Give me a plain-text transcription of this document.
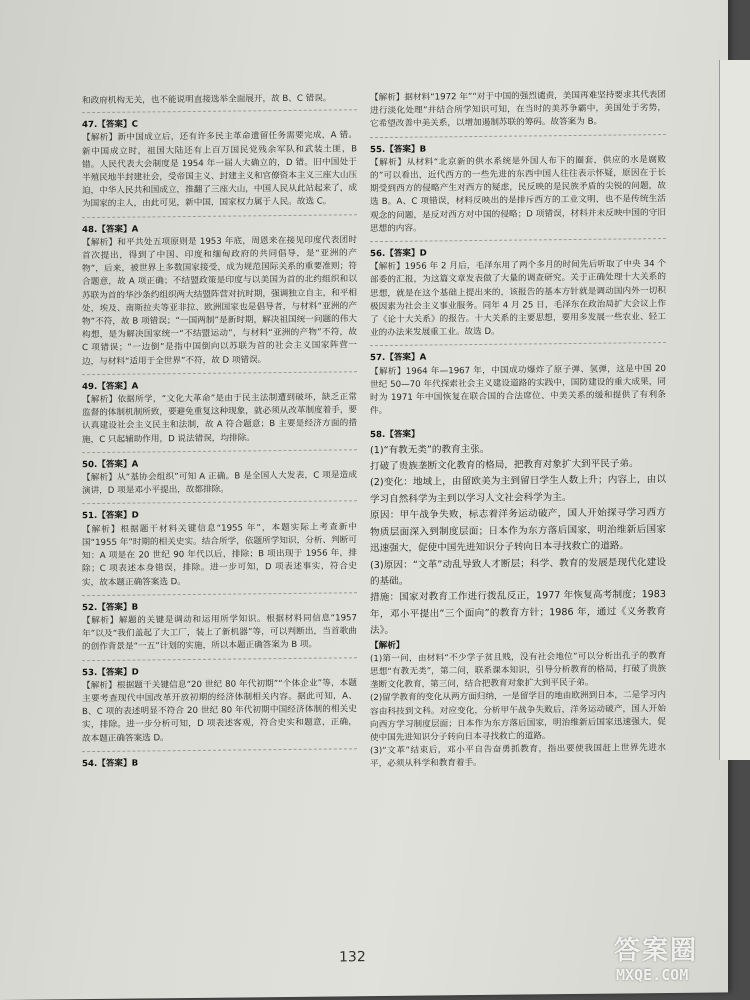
和政府机构无关，也不能说明直接选举全面展开，故 B、C 错误。
47.【答案】C
【解析】新中国成立后，还有许多民主革命遗留任务需要完成，A 错。新中国成立时，祖国大陆还有上百万国民党残余军队和武装土匪，B 错。人民代表大会制度是 1954 年一届人大确立的，D 错。旧中国处于半殖民地半封建社会，受帝国主义、封建主义和官僚资本主义三座大山压迫，中华人民共和国成立，推翻了三座大山，中国人民从此站起来了，成为国家的主人，由此可见，新中国，国家权力属于人民。故选 C。
48.【答案】A
【解析】和平共处五项原则是 1953 年底，周恩来在接见印度代表团时首次提出，得到了中国、印度和缅甸政府的共同倡导，是“亚洲的产物”，后来，被世界上多数国家接受，成为规范国际关系的重要准则；符合题意，故 A 项正确；不结盟政策是印度与以美国为首的北约组织和以苏联为首的华沙条约组织两大结盟阵营对抗时期，强调独立自主，和平相处，埃及、南斯拉夫等亚非拉、欧洲国家也是倡导者，与材料“亚洲的产物”不符，故 B 项错误；“一国两制”是新时期，解决祖国统一问题的伟大构想，是为解决国家统一“不结盟运动”，与材料“亚洲的产物”不符，故 C 项错误；“一边倒”是指中国倒向以苏联为首的社会主义国家阵营一边，与材料“适用于全世界”不符，故 D 项错误。
49.【答案】A
【解析】依据所学，“文化大革命”是由于民主法制遭到破坏，缺乏正常监督的体制机制所致，要避免重复这种现象，就必须从改革制度着手，要认真建设社会主义民主和法制，故 A 符合题意；B 主要是经济方面的措施，C 只起辅助作用，D 说法错误，均排除。
50.【答案】A
【解析】从“基协会组织”可知 A 正确。B 是全国人大发表，C 项是造成演讲，D 项是邓小平提出，故都排除。
51.【答案】D
【解析】根据题干材料关键信息“1955 年”，本题实际上考查新中国“1955 年”时期的相关史实。结合所学，依题所学知识，分析、判断可知：A 项是在 20 世纪 90 年代以后，排除；B 项出现于 1956 年，排除；C 项表述本身错误，排除。进一步可知，D 项表述事实，符合史实，故本题正确答案选 D。
52.【答案】B
【解析】解题的关键是调动和运用所学知识。根据材料同信息“1957 年”以及“我们盖起了大工厂，装上了新机器”等，可以判断出，当首歌曲的创作背景是“一五”计划的实施，所以本题正确答案为 B 项。
53.【答案】D
【解析】根据题干关键信息“20 世纪 80 年代初期”“个体企业”等，本题主要考查现代中国改革开放初期的经济体制相关内容。据此可知，A、B、C 项的表述明显不符合 20 世纪 80 年代初期中国经济体制的相关史实，排除。进一步分析可知，D 项表述客观，符合史实和题意，正确，故本题正确答案选 D。
54.【答案】B
【解析】据材料“1972 年”“对于中国的强烈谴责，美国再难坚持要求其代表团进行淡化处理”并结合所学知识可知，在当时的美苏争霸中，美国处于劣势，它希望改善中美关系，以增加遏制苏联的筹码。故答案为 B。
55.【答案】B
【解析】从材料“北京新的供水系统是外国人布下的圈套，供应的水是腐败的”可以看出，近代西方的一些先进的东西中国人往往表示怀疑，原因在于长期受到西方的侵略产生对西方的疑虑，民反映的是民族矛盾的尖锐的问题，故选 B。A、C 项错误，材料反映出的是排斥西方的工业文明，也不是传统生活观念的问题，是反对西方对中国的侵略；D 项错误，材料并未反映中国的守旧思想的内容。
56.【答案】D
【解析】1956 年 2 月后，毛泽东用了两个多月的时间先后听取了中央 34 个部委的汇报，为这篇文章发表做了大量的调查研究。关于正确处理十大关系的思想，就是在这个基础上提出来的，该报告的基本方针就是调动国内外一切积极因素为社会主义事业服务。同年 4 月 25 日，毛泽东在政治局扩大会议上作了《论十大关系》的报告。十大关系的主要思想，要用多发展一些农业、轻工业的办法来发展重工业。故选 D。
57.【答案】A
【解析】1964 年—1967 年，中国成功爆炸了原子弹、氢弹，这是中国 20 世纪 50—70 年代探索社会主义建设道路的实践中，国防建设的重大成果，同时为 1971 年中国恢复在联合国的合法席位、中美关系的缓和提供了有利条件。
58.【答案】
(1)“有教无类”的教育主张。
打破了贵族垄断文化教育的格局，把教育对象扩大到平民子弟。
(2)变化：地域上，由留欧美为主到留日学生人数上升；内容上，由以学习自然科学为主到以学习人文社会科学为主。
原因：甲午战争失败，标志着洋务运动破产，国人开始探寻学习西方物质层面深入到制度层面；日本作为东方落后国家，明治维新后国家迅速强大，促使中国先进知识分子转向日本寻找救亡的道路。
(3)原因：“文革”动乱导致人才断层；科学、教育的发展是现代化建设的基础。
措施：国家对教育工作进行拨乱反正，1977 年恢复高考制度；1983 年，邓小平提出“三个面向”的教育方针；1986 年，通过《义务教育法》。
【解析】
(1)第一问，由材料“不少学子贫且贱，没有社会地位”可以分析出孔子的教育思想“有教无类”，第二问，联系课本知识，引导分析教育的格局，打破了贵族垄断文化教育，第三问，结合把教育对象扩大到平民子弟。
(2)留学教育的变化从两方面归纳，一是留学目的地由欧洲到日本，二是学习内容由科技到文科。对应变化，分析甲午战争失败后，洋务运动破产，国人开始向西方学习制度层面；日本作为东方落后国家，明治维新后国家迅速强大，促使中国先进知识分子转向日本寻找救亡的道路。
(3)“文革”结束后，邓小平自告奋勇抓教育，指出要使我国赶上世界先进水平，必须从科学和教育着手。
132	答案圈
MXQE.COM
